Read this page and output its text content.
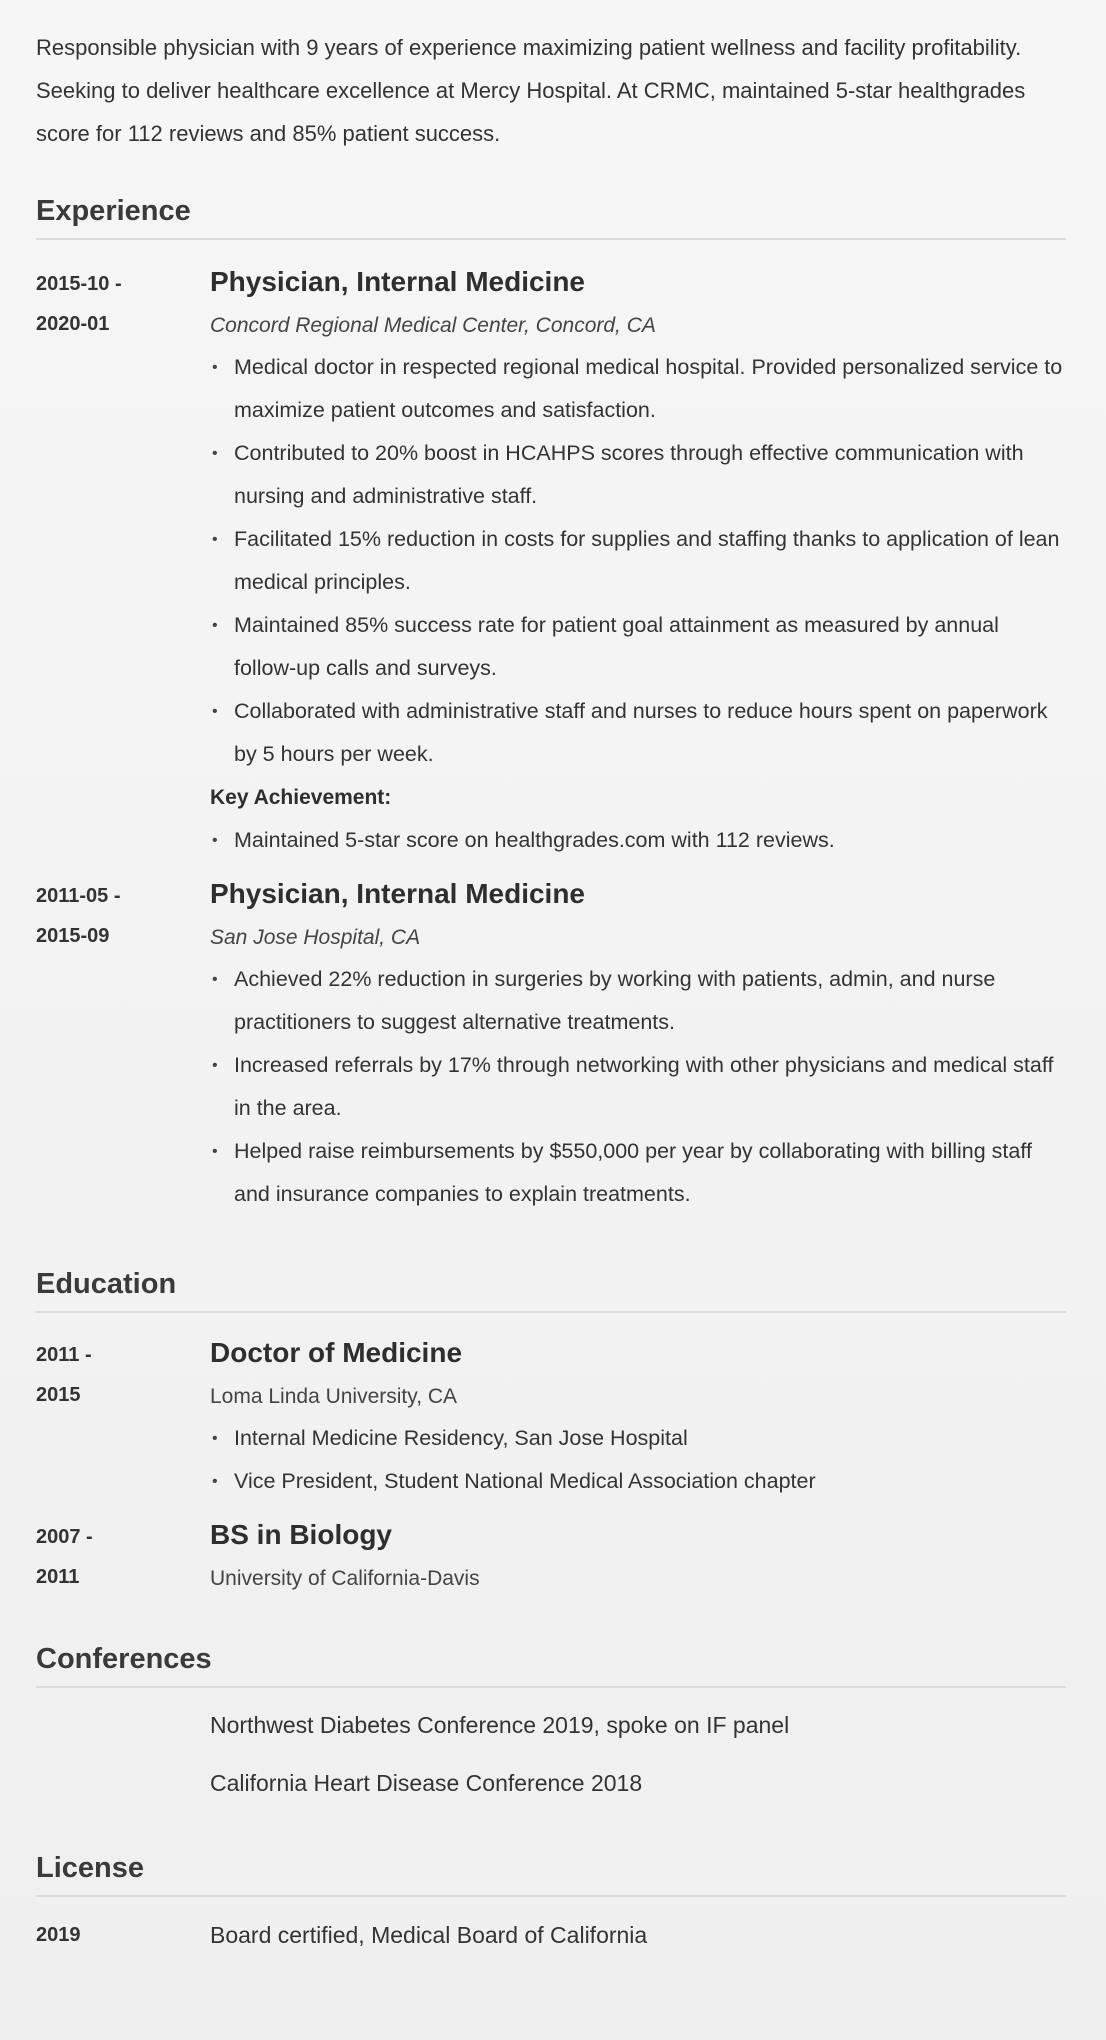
Responsible physician with 9 years of experience maximizing patient wellness and facility profitability. Seeking to deliver healthcare excellence at Mercy Hospital. At CRMC, maintained 5-star healthgrades score for 112 reviews and 85% patient success.

Experience
2015-10 -
2020-01
Physician, Internal Medicine

Concord Regional Medical Center, Concord, CA

• Medical doctor in respected regional medical hospital. Provided personalized service to maximize patient outcomes and satisfaction.
• Contributed to 20% boost in HCAHPS scores through effective communication with nursing and administrative staff.
• Facilitated 15% reduction in costs for supplies and staffing thanks to application of lean medical principles.
• Maintained 85% success rate for patient goal attainment as measured by annual follow-up calls and surveys.
• Collaborated with administrative staff and nurses to reduce hours spent on paperwork by 5 hours per week.

Key Achievement:

• Maintained 5-star score on healthgrades.com with 112 reviews.
2011-05 -
2015-09
Physician, Internal Medicine

San Jose Hospital, CA

• Achieved 22% reduction in surgeries by working with patients, admin, and nurse practitioners to suggest alternative treatments.
• Increased referrals by 17% through networking with other physicians and medical staff in the area.
• Helped raise reimbursements by $550,000 per year by collaborating with billing staff and insurance companies to explain treatments.
Education
2011 -
2015
Doctor of Medicine

Loma Linda University, CA

• Internal Medicine Residency, San Jose Hospital
• Vice President, Student National Medical Association chapter
2007 -
2011
BS in Biology

University of California-Davis

Conferences

Northwest Diabetes Conference 2019, spoke on IF panel

California Heart Disease Conference 2018

License
2019	Board certified, Medical Board of California
